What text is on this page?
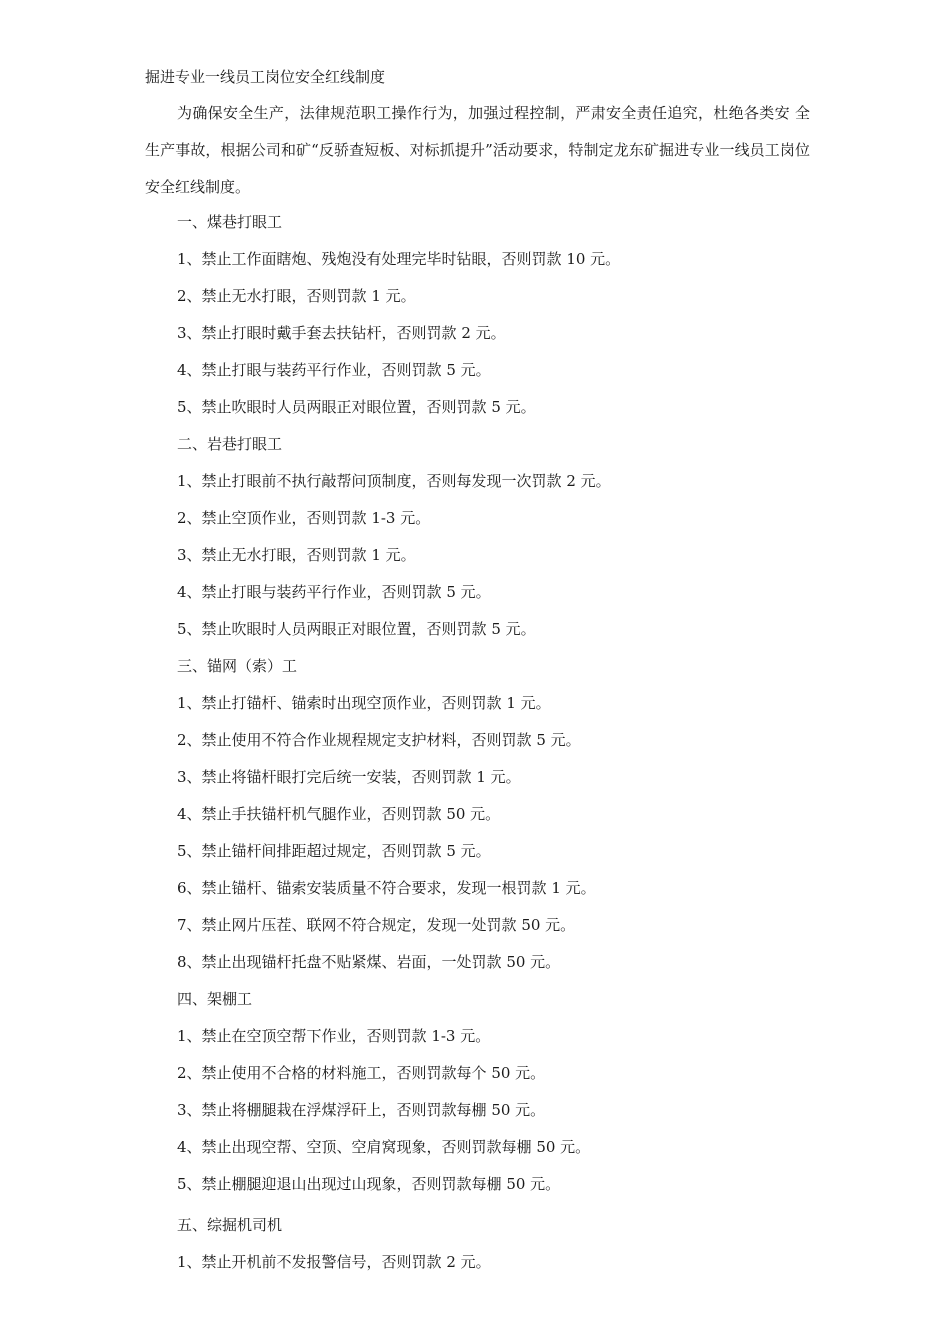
掘进专业一线员工岗位安全红线制度

为确保安全生产，法律规范职工操作行为，加强过程控制，严肃安全责任追究，杜绝各类安 全生产事故，根据公司和矿“反骄查短板、对标抓提升”活动要求，特制定龙东矿掘进专业一线员工岗位安全红线制度。

一、煤巷打眼工
1、禁止工作面瞎炮、残炮没有处理完毕时钻眼，否则罚款 10 元。
2、禁止无水打眼，否则罚款 1 元。
3、禁止打眼时戴手套去扶钻杆，否则罚款 2 元。
4、禁止打眼与装药平行作业，否则罚款 5 元。
5、禁止吹眼时人员两眼正对眼位置，否则罚款 5 元。
二、岩巷打眼工
1、禁止打眼前不执行敲帮问顶制度，否则每发现一次罚款 2 元。
2、禁止空顶作业，否则罚款 1-3 元。
3、禁止无水打眼，否则罚款 1 元。
4、禁止打眼与装药平行作业，否则罚款 5 元。
5、禁止吹眼时人员两眼正对眼位置，否则罚款 5 元。
三、锚网（索）工
1、禁止打锚杆、锚索时出现空顶作业，否则罚款 1 元。
2、禁止使用不符合作业规程规定支护材料，否则罚款 5 元。
3、禁止将锚杆眼打完后统一安装，否则罚款 1 元。
4、禁止手扶锚杆机气腿作业，否则罚款 50 元。
5、禁止锚杆间排距超过规定，否则罚款 5 元。
6、禁止锚杆、锚索安装质量不符合要求，发现一根罚款 1 元。
7、禁止网片压茬、联网不符合规定，发现一处罚款 50 元。
8、禁止出现锚杆托盘不贴紧煤、岩面，一处罚款 50 元。
四、架棚工
1、禁止在空顶空帮下作业，否则罚款 1-3 元。
2、禁止使用不合格的材料施工，否则罚款每个 50 元。
3、禁止将棚腿栽在浮煤浮矸上，否则罚款每棚 50 元。
4、禁止出现空帮、空顶、空肩窝现象，否则罚款每棚 50 元。
5、禁止棚腿迎退山出现过山现象，否则罚款每棚 50 元。
五、综掘机司机
1、禁止开机前不发报警信号，否则罚款 2 元。
